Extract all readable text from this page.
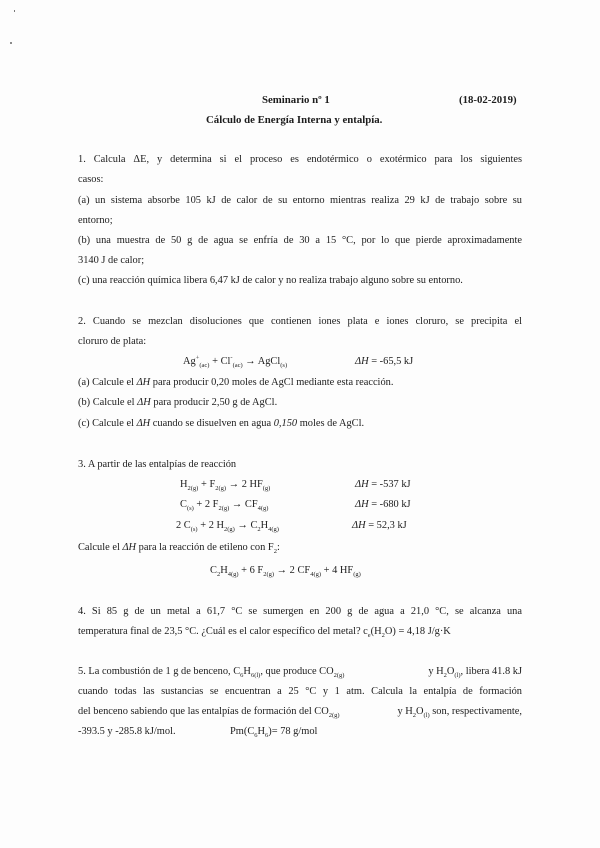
Seminario nº 1	(18-02-2019)
Cálculo de Energía Interna y entalpía.
1. Calcula ΔE, y determina si el proceso es endotérmico o exotérmico para los siguientes
casos:
(a) un sistema absorbe 105 kJ de calor de su entorno mientras realiza 29 kJ de trabajo sobre su
entorno;
(b) una muestra de 50 g de agua se enfría de 30 a 15 °C, por lo que pierde aproximadamente
3140 J de calor;
(c) una reacción química libera 6,47 kJ de calor y no realiza trabajo alguno sobre su entorno.
2. Cuando se mezclan disoluciones que contienen iones plata e iones cloruro, se precipita el
cloruro de plata:
$Ag^+_{(ac)} + Cl^-_{(ac)}$ → AgCl$_{(s)}$	ΔH = -65,5 kJ
(a) Calcule el ΔH para producir 0,20 moles de AgCl mediante esta reacción.
(b) Calcule el ΔH para producir 2,50 g de AgCl.
(c) Calcule el ΔH cuando se disuelven en agua 0,150 moles de AgCl.
3. A partir de las entalpías de reacción
$H_{2(g)} + F_{2(g)} \to 2$ $HF_{(g)}$	ΔH = -537 kJ
$C_{(s)} + 2$ $F_{2(g)} \to CF_{4(g)}$	ΔH = -680 kJ
2 $C_{(s)} + 2$ $H_{2(g)} \to C_2H_{4(g)}$	ΔH = 52,3 kJ
Calcule el ΔH para la reacción de etileno con $F_2$:
$C_2H_{4(g)} + 6$ $F_{2(g)} \to 2$ $CF_{4(g)} + 4$ $HF_{(g)}$
4. Si 85 g de un metal a 61,7 °C se sumergen en 200 g de agua a 21,0 °C, se alcanza una
temperatura final de 23,5 °C. ¿Cuál es el calor específico del metal? $c_e(H_2O) = 4,18$ J/g·K
5. La combustión de 1 g de benceno, $C_6H_{6(l)}$, que produce $CO_{2(g)}$	y $H_2O_{(l)}$, libera 41.8 kJ
cuando todas las sustancias se encuentran a 25 °C y 1 atm. Calcula la entalpía de formación
del benceno sabiendo que las entalpías de formación del $CO_{2(g)}$	y $H_2O_{(l)}$ son, respectivamente,
-393.5 y -285.8 kJ/mol.	$Pm(C_6H_6)= 78$ g/mol
